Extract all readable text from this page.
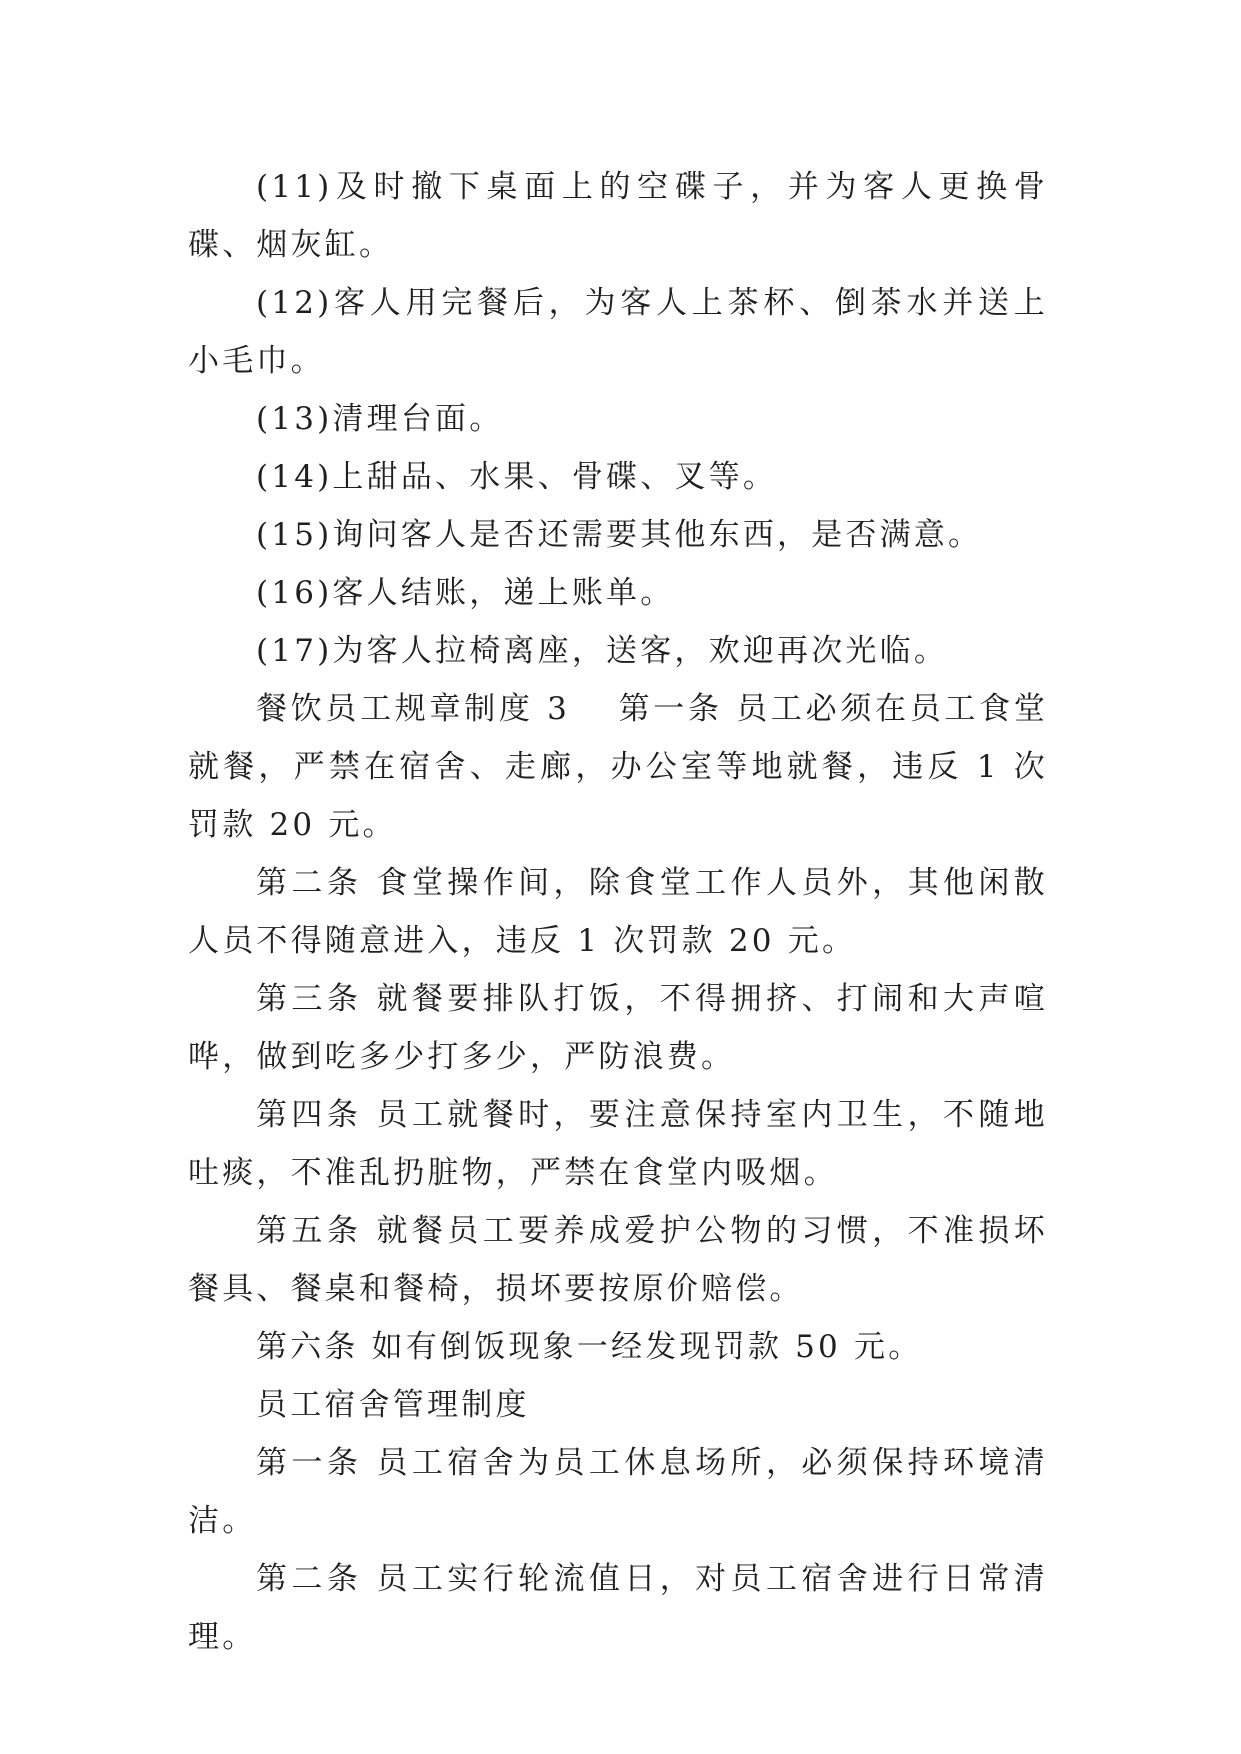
(11)及时撤下桌面上的空碟子，并为客人更换骨碟、烟灰缸。

(12)客人用完餐后，为客人上茶杯、倒茶水并送上小毛巾。

(13)清理台面。

(14)上甜品、水果、骨碟、叉等。

(15)询问客人是否还需要其他东西，是否满意。

(16)客人结账，递上账单。

(17)为客人拉椅离座，送客，欢迎再次光临。

餐饮员工规章制度 3 第一条 员工必须在员工食堂就餐，严禁在宿舍、走廊，办公室等地就餐，违反 1 次罚款 20 元。

第二条 食堂操作间，除食堂工作人员外，其他闲散人员不得随意进入，违反 1 次罚款 20 元。

第三条 就餐要排队打饭，不得拥挤、打闹和大声喧哗，做到吃多少打多少，严防浪费。

第四条 员工就餐时，要注意保持室内卫生，不随地吐痰，不准乱扔脏物，严禁在食堂内吸烟。

第五条 就餐员工要养成爱护公物的习惯，不准损坏餐具、餐桌和餐椅，损坏要按原价赔偿。

第六条 如有倒饭现象一经发现罚款 50 元。

员工宿舍管理制度

第一条 员工宿舍为员工休息场所，必须保持环境清洁。

第二条 员工实行轮流值日，对员工宿舍进行日常清理。
